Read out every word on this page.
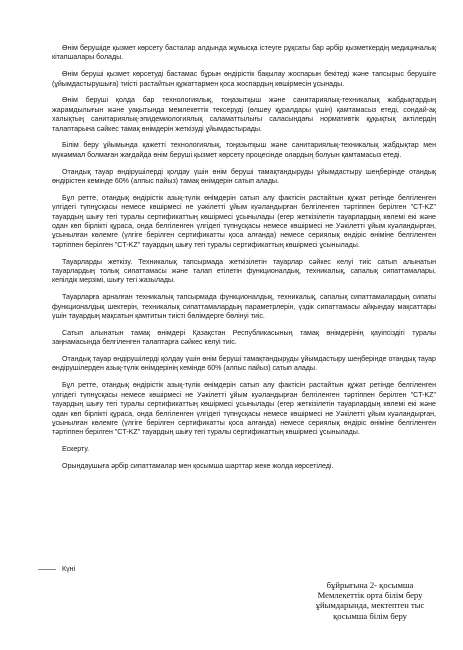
Өнім берушіде қызмет көрсету басталар алдында жұмысқа істеуге рұқсаты бар әрбір қызметкердің медициналық кітапшалары болады.

Өнім беруші қызмет көрсетуді бастамас бұрын өндірістік бақылау жоспарын бекітеді және тапсырыс берушіге (ұйымдастырушыға) тиісті растайтын құжаттармен қоса жоспардың көшірмесін ұсынады.

Өнім беруші қолда бар технологиялық, тоңазытқыш және санитариялық-техникалық жабдықтардың жарамдылығын және уақытында мемлекеттік тексеруді (өлшеу құралдары үшін) қамтамасыз етеді, сондай-ақ халықтың санитариялық-эпидемиологиялық саламаттылығы саласындағы нормативтік құқықтық актілердің талаптарына сәйкес тамақ өнімдерін жеткізуді ұйымдастырады.

Білім беру ұйымында қажетті технологиялық, тоңазытқыш және санитариялық-техникалық жабдықтар мен мүкәммал болмаған жағдайда өнім беруші қызмет көрсету процесінде олардың болуын қамтамасыз етеді.

Отандық тауар өндірушілерді қолдау үшін өнім беруші тамақтандыруды ұйымдастыру шеңберінде отандық өндірістен кемінде 60% (алпыс пайыз) тамақ өнімдерін сатып алады.

Бұл ретте, отандық өндірістік азық-түлік өнімдерін сатып алу фактісін растайтын құжат ретінде белгіленген үлгідегі түпнұсқасы немесе көшірмесі не уәкілетті ұйым куәландырған белгіленген тәртіппен берілген "CT-KZ" тауардың шығу тегі туралы сертификаттың көшірмесі ұсынылады (егер жеткізілетін тауарлардың көлемі екі және одан көп бірлікті құраса, онда белгіленген үлгідегі түпнұсқасы немесе көшірмесі не Уәкілетті ұйым куәландырған, ұсынылған көлемге (үлгіге берілген сертификатты қоса алғанда) немесе сериялық өндіріс өніміне белгіленген тәртіппен берілген "CT-KZ" тауардың шығу тегі туралы сертификаттың көшірмесі ұсынылады.

Тауарларды жеткізу. Техникалық тапсырмада жеткізілетін тауарлар сәйкес келуі тиіс сатып алынатын тауарлардың толық сипаттамасы және талап етілетін функционалдық, техникалық, сапалық сипаттамалары, кепілдік мерзімі, шығу тегі жазылады.

Тауарларға арналған техникалық тапсырмада функционалдық, техникалық, сапалық сипаттамалардың сипаты функционалдық шектерін, техникалық сипаттамалардың параметрлерін, үздік сипаттамасы айқындау мақсаттары үшін тауардың мақсатын қамтитын тиісті бөлімдерге бөлінуі тиіс.

Сатып алынатын тамақ өнімдері Қазақстан Республикасының тамақ өнімдерінің қауіпсіздігі туралы заңнамасында белгіленген талаптарға сәйкес келуі тиіс.

Отандық тауар өндірушілерді қолдау үшін өнім беруші тамақтандыруды ұйымдастыру шеңберінде отандық тауар өндірушілерден азық-түлік өнімдерінің кемінде 60% (алпыс пайыз) сатып алады.

Бұл ретте, отандық өндірістік азық-түлік өнімдерін сатып алу фактісін растайтын құжат ретінде белгіленген үлгідегі түпнұсқасы немесе көшірмесі не Уәкілетті ұйым куәландырған белгіленген тәртіппен берілген "CT-KZ" тауардың шығу тегі туралы сертификаттың көшірмесі ұсынылады (егер жеткізілетін тауарлардың көлемі екі және одан көп бірлікті құраса, онда белгіленген үлгідегі түпнұсқасы немесе көшірмесі не Уәкілетті ұйым куәландырған, ұсынылған көлемге (үлгіге берілген сертификатты қоса алғанда) немесе сериялық өндіріс өніміне белгіленген тәртіппен берілген "CT-KZ" тауардың шығу тегі туралы сертификаттың көшірмесі ұсынылады.

Ескерту.

Орындаушыға әрбір сипаттамалар мен қосымша шарттар жеке жолда көрсетіледі.

Күні
бұйрығына 2- қосымша
Мемлекеттік орта білім беру
ұйымдарында, мектептен тыс
қосымша білім беру
